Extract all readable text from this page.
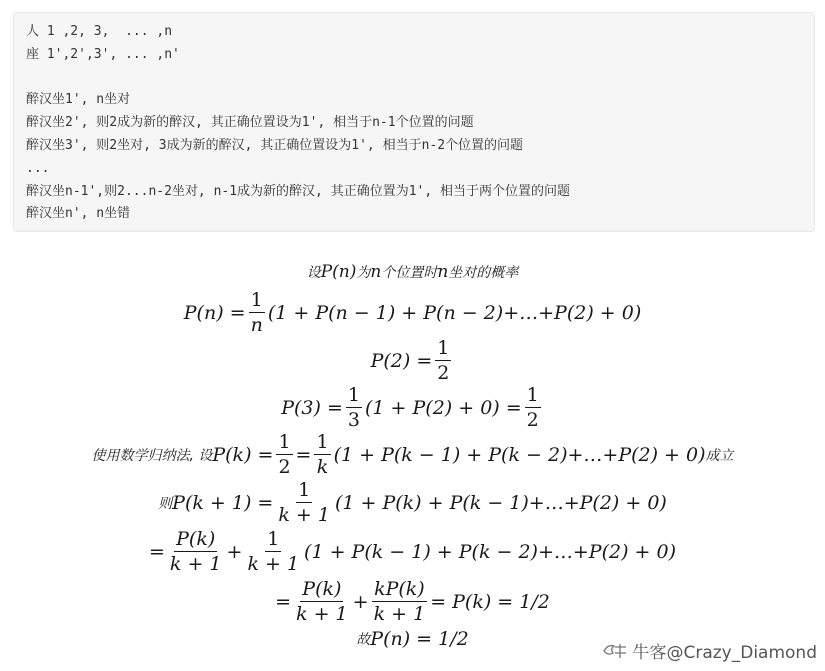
人 1 ,2, 3,  ... ,n
座 1',2',3', ... ,n'
醉汉坐1', n坐对
醉汉坐2', 则2成为新的醉汉, 其正确位置设为1', 相当于n-1个位置的问题
醉汉坐3', 则2坐对, 3成为新的醉汉, 其正确位置设为1', 相当于n-2个位置的问题
...
醉汉坐n-1',则2...n-2坐对, n-1成为新的醉汉, 其正确位置为1', 相当于两个位置的问题
醉汉坐n', n坐错
设 P(n) 为 n 个位置时 n 坐对的概率
$P(n) = \frac{1}{n} (1 + P(n - 1) + P(n$ − 2)+…+P(2) + 0)
$P(2) = \frac{1}{2}$
$P(3) = \frac{1}{3} (1 + P(2) + 0) = \frac{1}{2}$
使用数学归纳法, 设 $P(k) = \frac{1}{2} = \frac{1}{k} (1 + P(k - 1) + P(k$ − 2)+…+P(2) + 0) 成立
则 $P(k + 1) = \frac{1}{k + 1} (1 + P(k) + P(k$ − 1)+…+P(2) + 0)
= $\frac{P(k)}{k + 1} + \frac{1}{k + 1} (1 + P(k - 1) + P(k$ − 2)+…+P(2) + 0)
= $\frac{P(k)}{k + 1} + \frac{kP(k)}{k + 1} = P(k) = 1/2$
故 P(n) = 1/2
牛客@Crazy_Diamond
